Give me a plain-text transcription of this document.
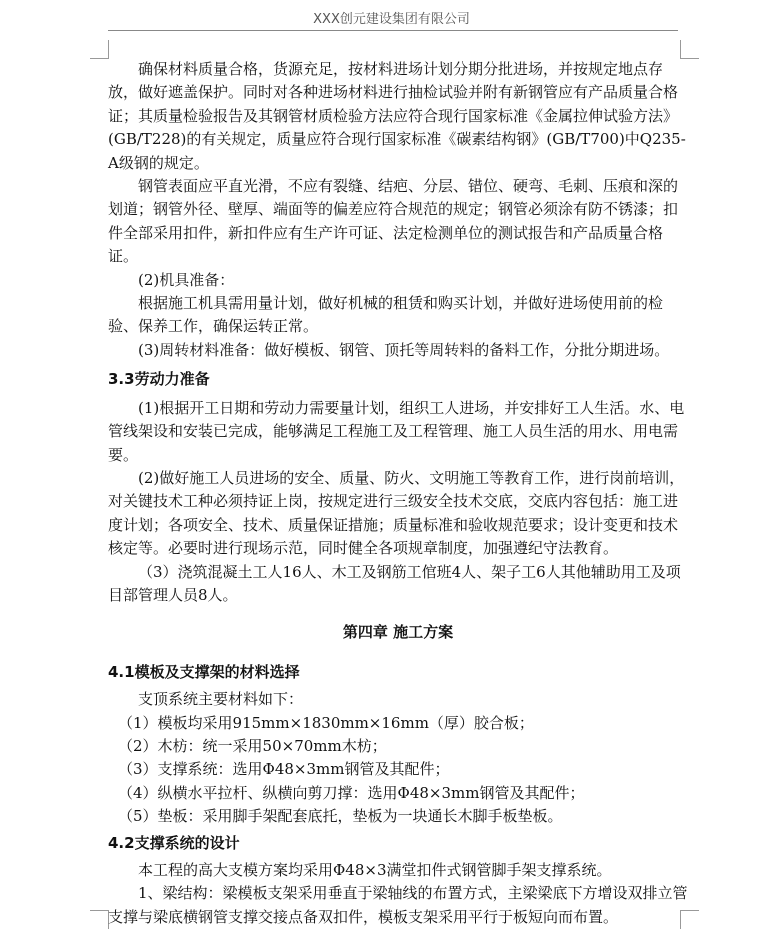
XXX创元建设集团有限公司

确保材料质量合格，货源充足，按材料进场计划分期分批进场，并按规定地点存放，做好遮盖保护。同时对各种进场材料进行抽检试验并附有新钢管应有产品质量合格证；其质量检验报告及其钢管材质检验方法应符合现行国家标准《金属拉伸试验方法》(GB/T228)的有关规定，质量应符合现行国家标准《碳素结构钢》(GB/T700)中Q235-A级钢的规定。

钢管表面应平直光滑，不应有裂缝、结疤、分层、错位、硬弯、毛刺、压痕和深的划道；钢管外径、壁厚、端面等的偏差应符合规范的规定；钢管必须涂有防不锈漆；扣件全部采用扣件，新扣件应有生产许可证、法定检测单位的测试报告和产品质量合格证。

(2)机具准备：

根据施工机具需用量计划，做好机械的租赁和购买计划，并做好进场使用前的检验、保养工作，确保运转正常。

(3)周转材料准备：做好模板、钢管、顶托等周转料的备料工作，分批分期进场。

3.3劳动力准备

(1)根据开工日期和劳动力需要量计划，组织工人进场，并安排好工人生活。水、电管线架设和安装已完成，能够满足工程施工及工程管理、施工人员生活的用水、用电需要。

(2)做好施工人员进场的安全、质量、防火、文明施工等教育工作，进行岗前培训，对关键技术工种必须持证上岗，按规定进行三级安全技术交底，交底内容包括：施工进度计划；各项安全、技术、质量保证措施；质量标准和验收规范要求；设计变更和技术核定等。必要时进行现场示范，同时健全各项规章制度，加强遵纪守法教育。

（3）浇筑混凝土工人16人、木工及钢筋工倌班4人、架子工6人其他辅助用工及项目部管理人员8人。

第四章 施工方案

4.1模板及支撑架的材料选择

支顶系统主要材料如下：

（1）模板均采用915mm×1830mm×16mm（厚）胶合板；

（2）木枋：统一采用50×70mm木枋；

（3）支撑系统：选用Φ48×3mm钢管及其配件；

（4）纵横水平拉杆、纵横向剪刀撑：选用Φ48×3mm钢管及其配件；

（5）垫板：采用脚手架配套底托，垫板为一块通长木脚手板垫板。

4.2支撑系统的设计

本工程的高大支模方案均采用Φ48×3满堂扣件式钢管脚手架支撑系统。

1、梁结构：梁模板支架采用垂直于梁轴线的布置方式，主梁梁底下方增设双排立管支撑与梁底横钢管支撑交接点备双扣件，模板支架采用平行于板短向而布置。
